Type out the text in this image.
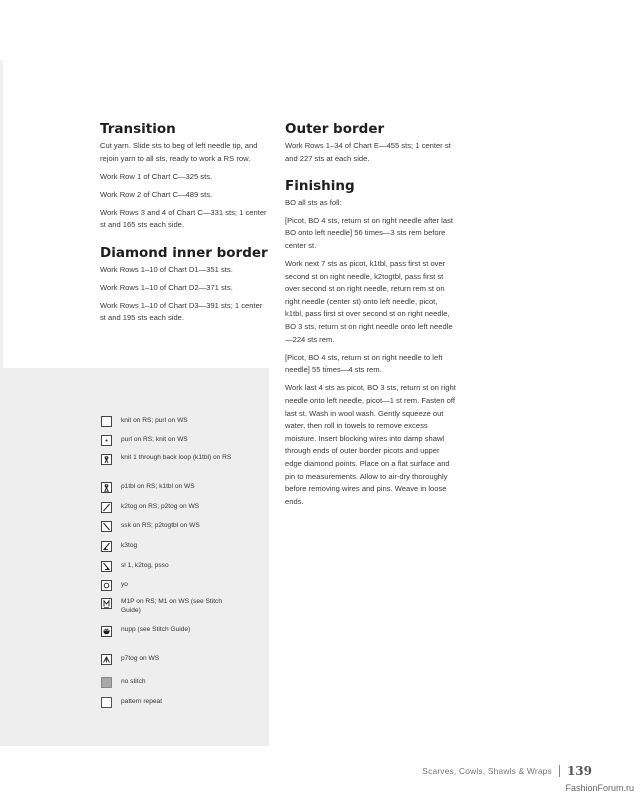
Transition

Cut yarn. Slide sts to beg of left needle tip, and rejoin yarn to all sts, ready to work a RS row.

Work Row 1 of Chart C—325 sts.

Work Row 2 of Chart C—489 sts.

Work Rows 3 and 4 of Chart C—331 sts; 1 center st and 165 sts each side.

Diamond inner border

Work Rows 1–10 of Chart D1—351 sts.

Work Rows 1–10 of Chart D2—371 sts.

Work Rows 1–10 of Chart D3—391 sts; 1 center st and 195 sts each side.

Outer border

Work Rows 1–34 of Chart E—455 sts; 1 center st and 227 sts at each side.

Finishing

BO all sts as foll:

[Picot, BO 4 sts, return st on right needle after last BO onto left needle] 56 times—3 sts rem before center st.

Work next 7 sts as picot, k1tbl, pass first st over second st on right needle, k2togtbl, pass first st over second st on right needle, return rem st on right needle (center st) onto left needle, picot, k1tbl, pass first st over second st on right needle, BO 3 sts, return st on right needle onto left needle—224 sts rem.

[Picot, BO 4 sts, return st on right needle to left needle] 55 times—4 sts rem.

Work last 4 sts as picot, BO 3 sts, return st on right needle onto left needle, picot—1 st rem. Fasten off last st. Wash in wool wash. Gently squeeze out water, then roll in towels to remove excess moisture. Insert blocking wires into damp shawl through ends of outer border picots and upper edge diamond points. Place on a flat surface and pin to measurements. Allow to air-dry thoroughly before removing wires and pins. Weave in loose ends.

knit on RS; purl on WS
purl on RS; knit on WS
knit 1 through back loop (k1tbl) on RS
p1tbl on RS; k1tbl on WS
k2tog on RS; p2tog on WS
ssk on RS; p2togtbl on WS
k3tog
sl 1, k2tog, psso
yo
M1P on RS; M1 on WS (see Stitch Guide)
nupp (see Stitch Guide)
p7tog on WS
no stitch
pattern repeat
Scarves, Cowls, Shawls & Wraps 139
FashionForum.ru
